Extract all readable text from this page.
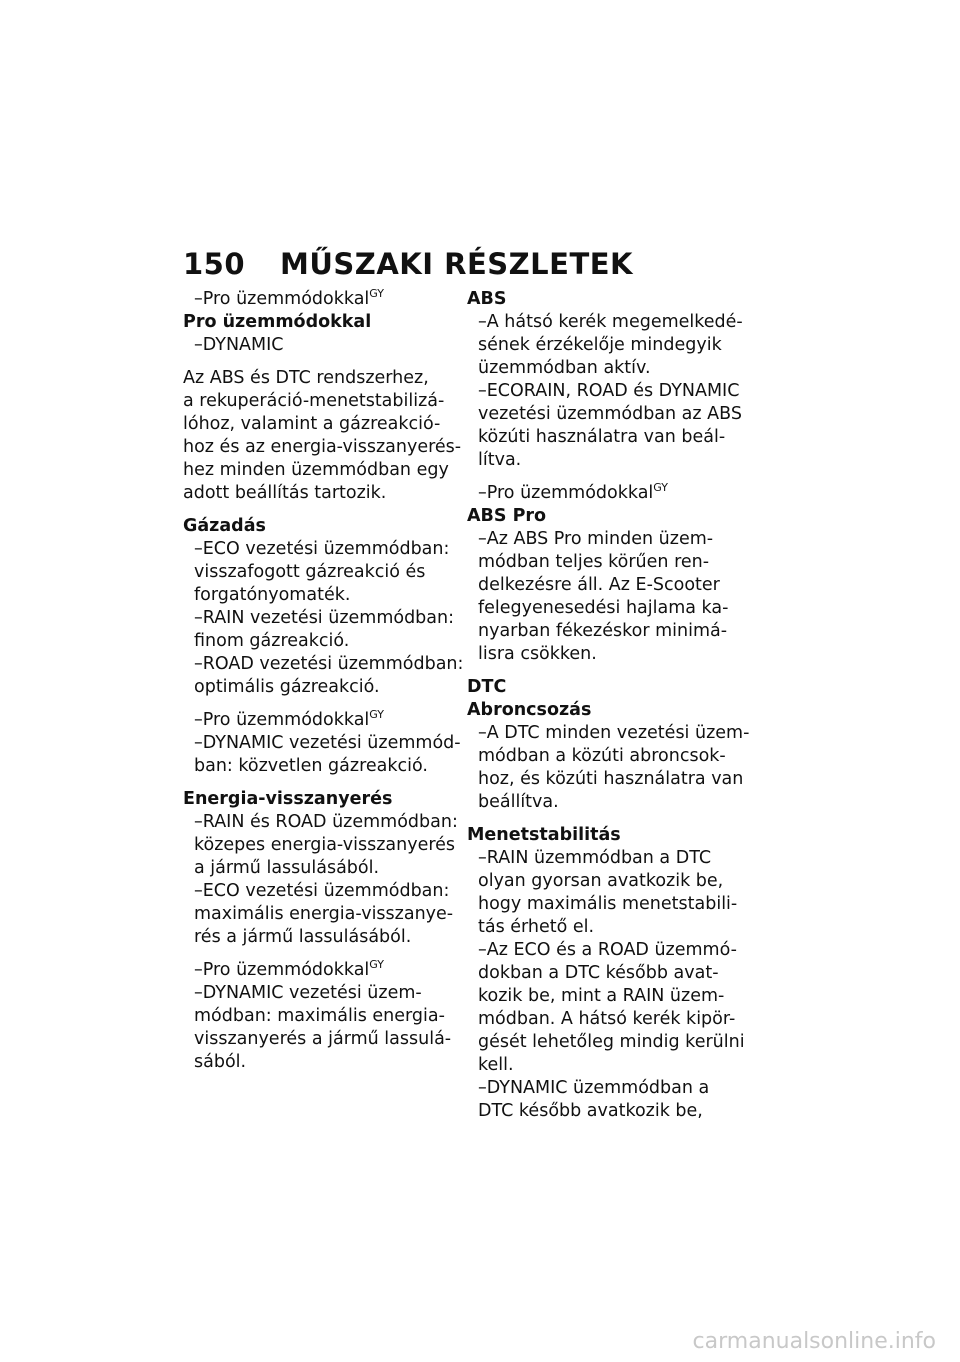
150 MŰSZAKI RÉSZLETEK
–Pro üzemmódokkal$^{GY}$
Pro üzemmódokkal
–DYNAMIC
Az ABS és DTC rendszerhez,
a rekuperáció-menetstabilizá-
lóhoz, valamint a gázreakció-
hoz és az energia-visszanyerés-
hez minden üzemmódban egy
adott beállítás tartozik.
Gázadás
–ECO vezetési üzemmódban:
visszafogott gázreakció és
forgatónyomaték.
–RAIN vezetési üzemmódban:
finom gázreakció.
–ROAD vezetési üzemmódban:
optimális gázreakció.
–Pro üzemmódokkal$^{GY}$
–DYNAMIC vezetési üzemmód-
ban: közvetlen gázreakció.
Energia-visszanyerés
–RAIN és ROAD üzemmódban:
közepes energia-visszanyerés
a jármű lassulásából.
–ECO vezetési üzemmódban:
maximális energia-visszanye-
rés a jármű lassulásából.
–Pro üzemmódokkal$^{GY}$
–DYNAMIC vezetési üzem-
módban: maximális energia-
visszanyerés a jármű lassulá-
sából.
ABS
–A hátsó kerék megemelkedé-
sének érzékelője mindegyik
üzemmódban aktív.
–ECORAIN, ROAD és DYNAMIC
vezetési üzemmódban az ABS
közúti használatra van beál-
lítva.
–Pro üzemmódokkal$^{GY}$
ABS Pro
–Az ABS Pro minden üzem-
módban teljes körűen ren-
delkezésre áll. Az E-Scooter
felegyenesedési hajlama ka-
nyarban fékezéskor minimá-
lisra csökken.
DTC
Abroncsozás
–A DTC minden vezetési üzem-
módban a közúti abroncsok-
hoz, és közúti használatra van
beállítva.
Menetstabilitás
–RAIN üzemmódban a DTC
olyan gyorsan avatkozik be,
hogy maximális menetstabili-
tás érhető el.
–Az ECO és a ROAD üzemmó-
dokban a DTC később avat-
kozik be, mint a RAIN üzem-
módban. A hátsó kerék kipör-
gését lehetőleg mindig kerülni
kell.
–DYNAMIC üzemmódban a
DTC később avatkozik be,
carmanualsonline.info
